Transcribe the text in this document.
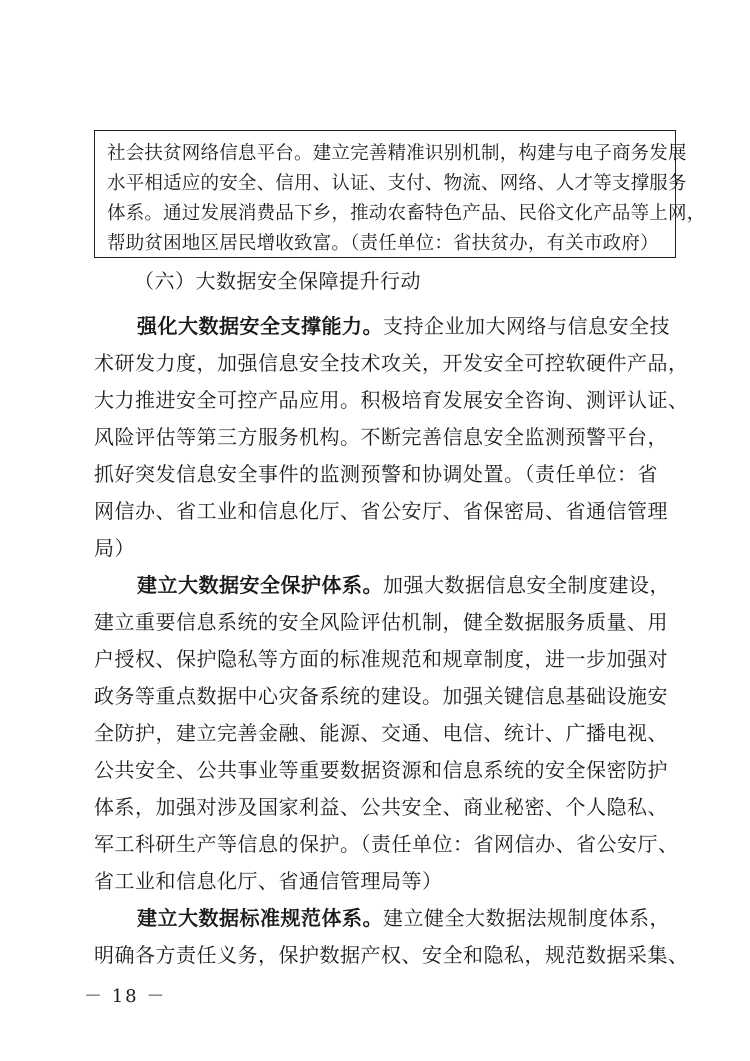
社会扶贫网络信息平台。建立完善精准识别机制，构建与电子商务发展
水平相适应的安全、信用、认证、支付、物流、网络、人才等支撑服务
体系。通过发展消费品下乡，推动农畜特色产品、民俗文化产品等上网，
帮助贫困地区居民增收致富。（责任单位：省扶贫办，有关市政府）
（六）大数据安全保障提升行动
强化大数据安全支撑能力。支持企业加大网络与信息安全技
术研发力度，加强信息安全技术攻关，开发安全可控软硬件产品，
大力推进安全可控产品应用。积极培育发展安全咨询、测评认证、
风险评估等第三方服务机构。不断完善信息安全监测预警平台，
抓好突发信息安全事件的监测预警和协调处置。（责任单位：省
网信办、省工业和信息化厅、省公安厅、省保密局、省通信管理
局）
建立大数据安全保护体系。加强大数据信息安全制度建设，
建立重要信息系统的安全风险评估机制，健全数据服务质量、用
户授权、保护隐私等方面的标准规范和规章制度，进一步加强对
政务等重点数据中心灾备系统的建设。加强关键信息基础设施安
全防护，建立完善金融、能源、交通、电信、统计、广播电视、
公共安全、公共事业等重要数据资源和信息系统的安全保密防护
体系，加强对涉及国家利益、公共安全、商业秘密、个人隐私、
军工科研生产等信息的保护。（责任单位：省网信办、省公安厅、
省工业和信息化厅、省通信管理局等）
建立大数据标准规范体系。建立健全大数据法规制度体系，
明确各方责任义务，保护数据产权、安全和隐私，规范数据采集、
－ 18 －
